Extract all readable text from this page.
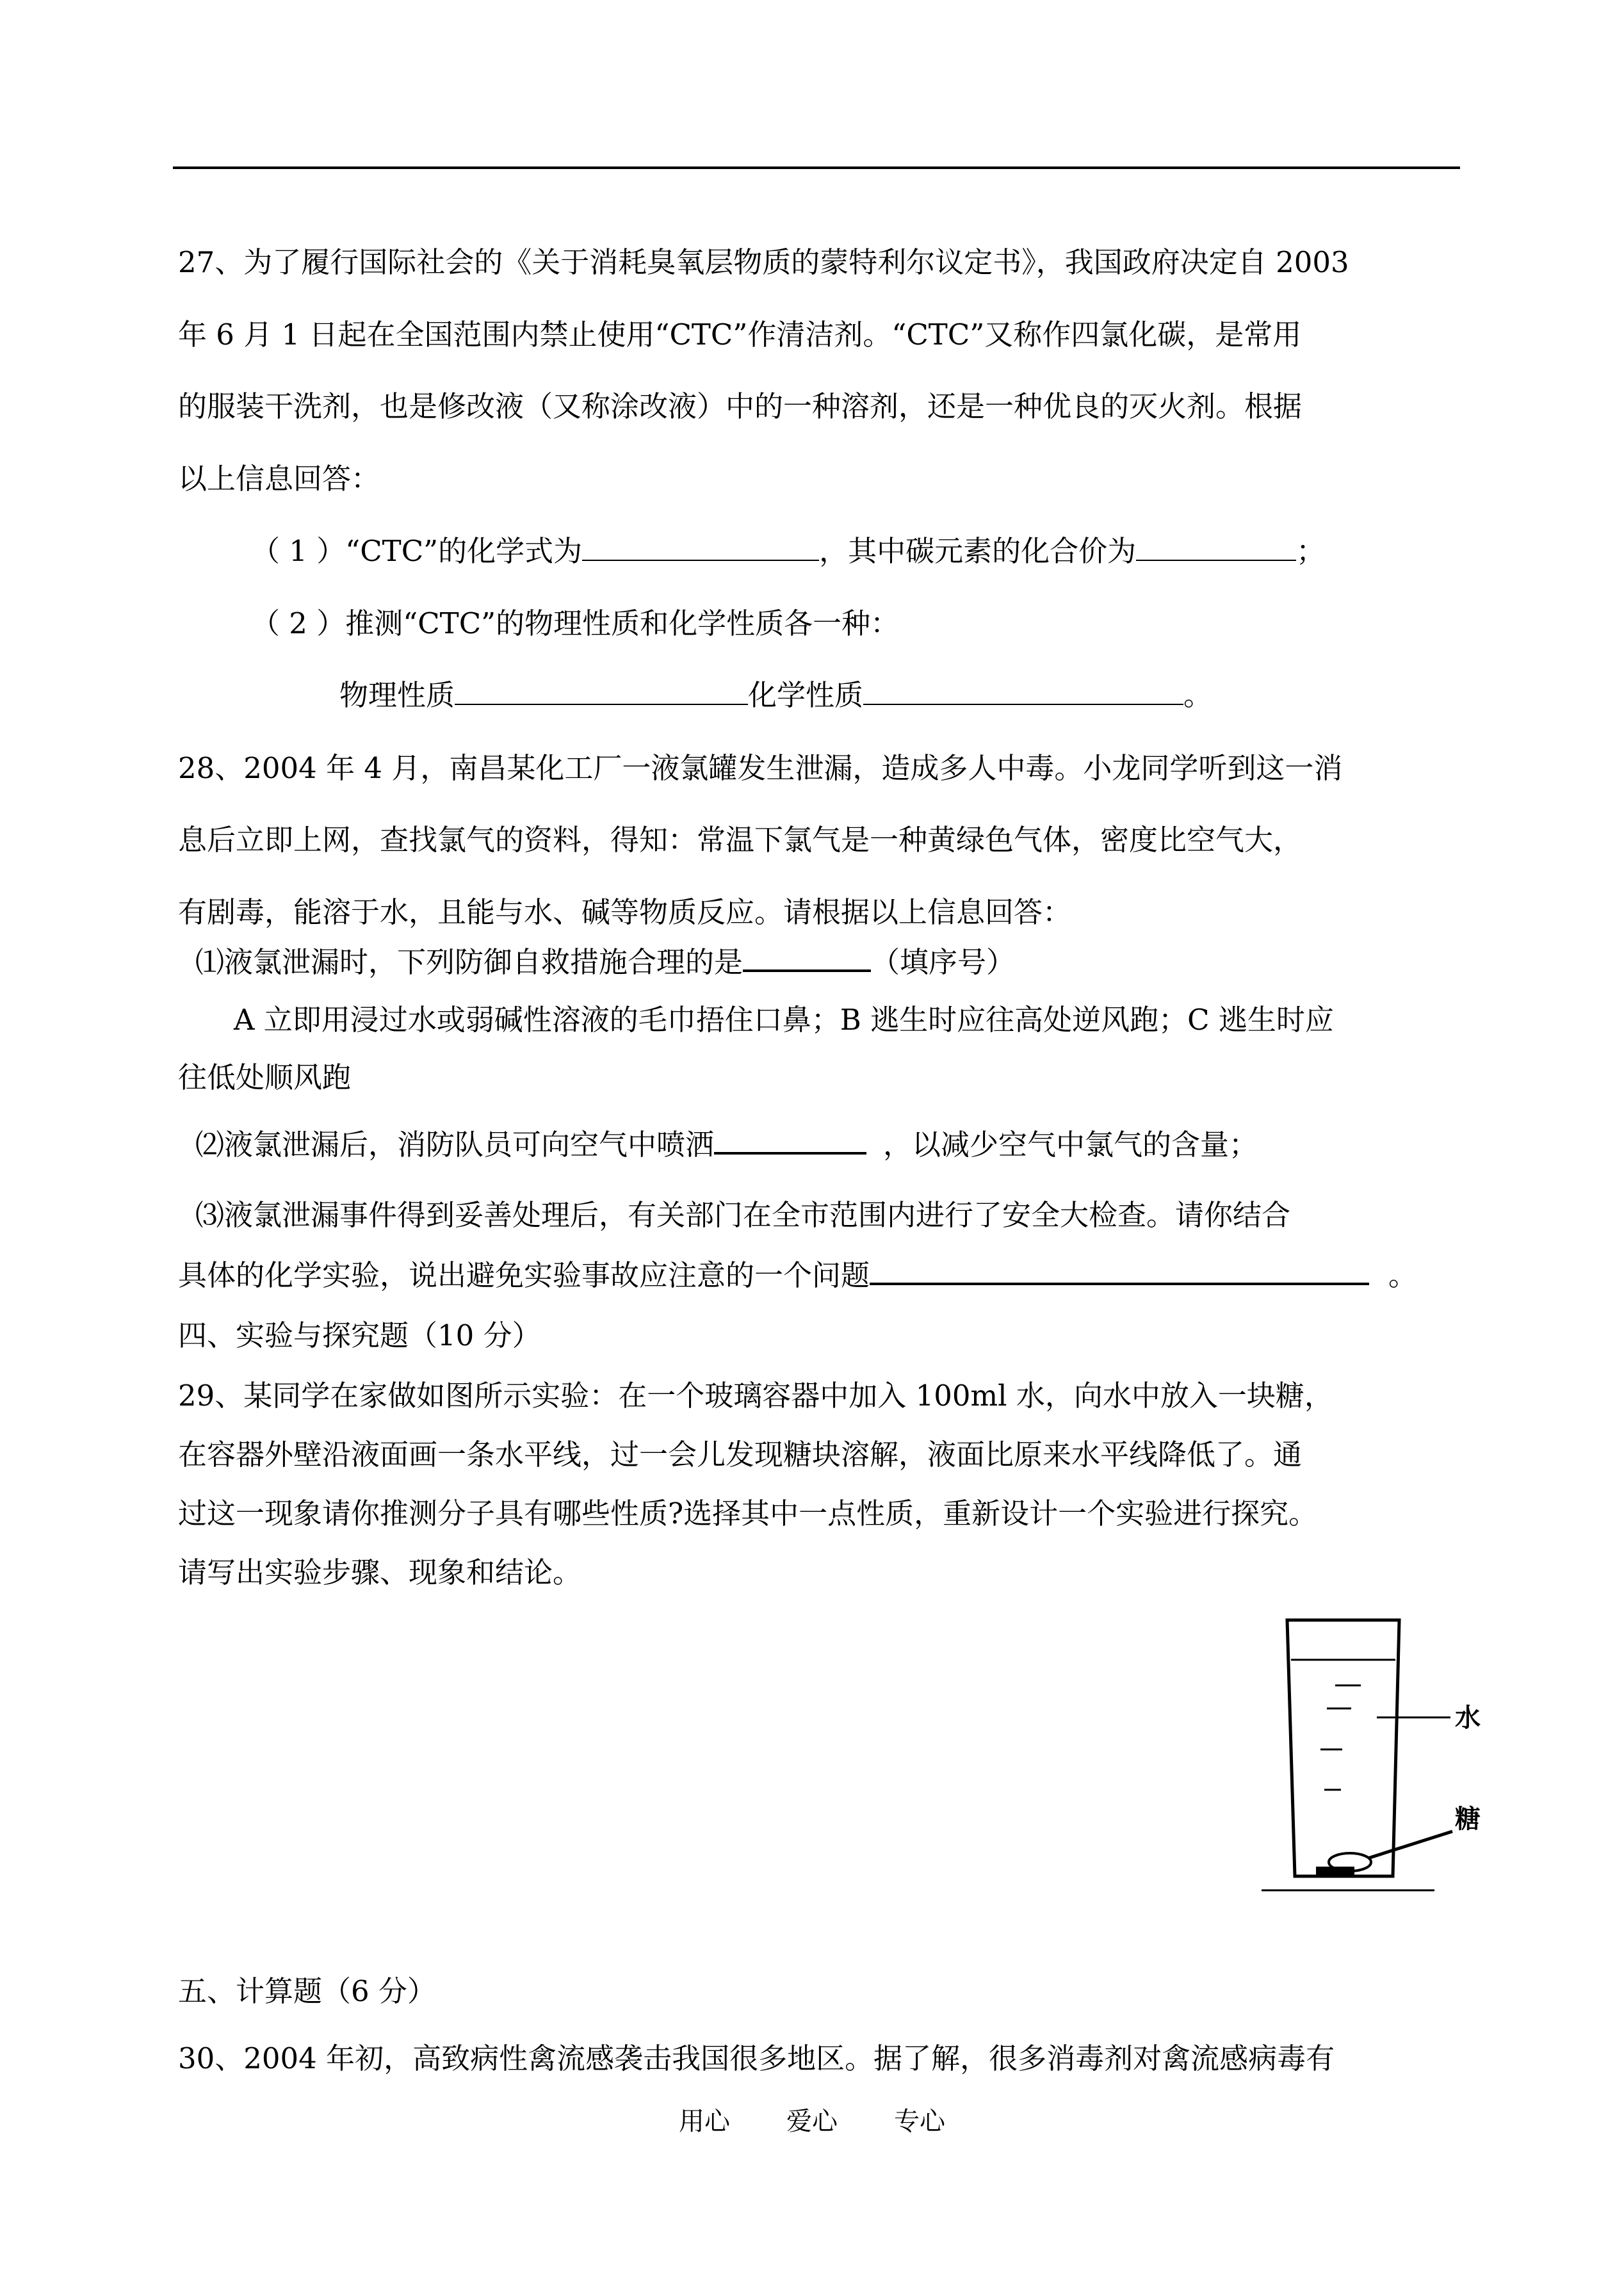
27、为了履行国际社会的《关于消耗臭氧层物质的蒙特利尔议定书》，我国政府决定自 2003
年 6 月 1 日起在全国范围内禁止使用“CTC”作清洁剂。“CTC”又称作四氯化碳，是常用
的服装干洗剂，也是修改液（又称涂改液）中的一种溶剂，还是一种优良的灭火剂。根据
以上信息回答：
（ 1 ）“CTC”的化学式为	，其中碳元素的化合价为	；
（ 2 ）推测“CTC”的物理性质和化学性质各一种：
物理性质	化学性质	。
28、2004 年 4 月，南昌某化工厂一液氯罐发生泄漏，造成多人中毒。小龙同学听到这一消
息后立即上网，查找氯气的资料，得知：常温下氯气是一种黄绿色气体，密度比空气大，
有剧毒，能溶于水，且能与水、碱等物质反应。请根据以上信息回答：
⑴液氯泄漏时，下列防御自救措施合理的是	（填序号）
A 立即用浸过水或弱碱性溶液的毛巾捂住口鼻；B 逃生时应往高处逆风跑；C 逃生时应
往低处顺风跑
⑵液氯泄漏后，消防队员可向空气中喷洒	，以减少空气中氯气的含量；
⑶液氯泄漏事件得到妥善处理后，有关部门在全市范围内进行了安全大检查。请你结合
具体的化学实验，说出避免实验事故应注意的一个问题	。
四、实验与探究题（10 分）
29、某同学在家做如图所示实验：在一个玻璃容器中加入 100ml 水，向水中放入一块糖，
在容器外壁沿液面画一条水平线，过一会儿发现糖块溶解，液面比原来水平线降低了。通
过这一现象请你推测分子具有哪些性质?选择其中一点性质，重新设计一个实验进行探究。
请写出实验步骤、现象和结论。
水
糖
五、计算题（6 分）
30、2004 年初，高致病性禽流感袭击我国很多地区。据了解，很多消毒剂对禽流感病毒有
用心 爱心 专心
